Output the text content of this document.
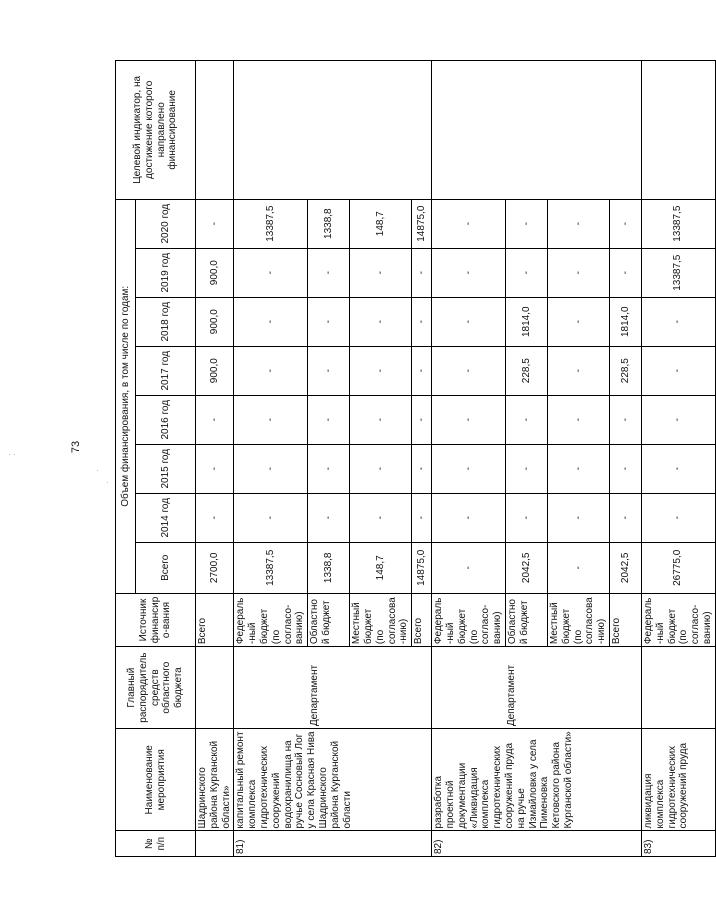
73
· ·
·
·
№ п/п	Наименование мероприятия	Главный распорядитель средств областного бюджета	Источник финансиро-вания	Объем финансирования, в том числе по годам:								Целевой индикатор, на достижение которого направлено финансирование
				Всего	2014 год	2015 год	2016 год	2017 год	2018 год	2019 год	2020 год	
	Шадринского района Курганской области»		Всего	2700,0	-	-	-	900,0	900,0	900,0	-	
81)	капитальный ремонт комплекса гидротехнических сооружений водохранилища на ручье Сосновый Лог у села Красная Нива Шадринского района Курганской области		Федераль-ный бюджет (по согласо-ванию)	13387,5	-	-	-	-	-	-	13387,5	
		Департамент	Областной бюджет	1338,8	-	-	-	-	-	-	1338,8	
			Местный бюджет (по согласова-нию)	148,7	-	-	-	-	-	-	148,7	
			Всего	14875,0	-	-	-	-	-	-	14875,0	
82)	разработка проектной документации «Ликвидация комплекса гидротехнических сооружений пруда на ручье Измайловка у села Пименовка Кетовского района Курганской области»		Федераль-ный бюджет (по согласо-ванию)	-	-	-	-	-	-	-	-	
		Департамент	Областной бюджет	2042,5	-	-	-	228,5	1814,0	-	-	
			Местный бюджет (по согласова-нию)	-	-	-	-	-	-	-	-	
			Всего	2042,5	-	-	-	228,5	1814,0	-	-	
83)	ликвидация комплекса гидротехнических сооружений пруда		Федераль-ный бюджет (по согласо-ванию)	26775,0	-	-	-	-	-	13387,5	13387,5	
